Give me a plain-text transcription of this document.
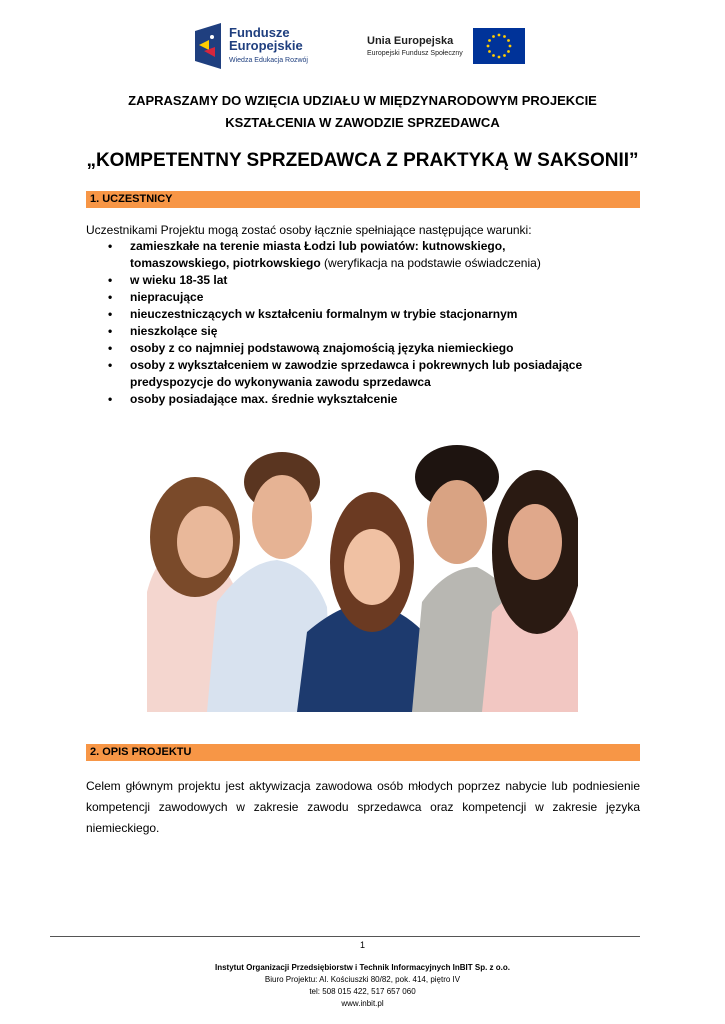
Fundusze
Europejskie
Wiedza Edukacja Rozwój
Unia Europejska
Europejski Fundusz Społeczny
ZAPRASZAMY DO WZIĘCIA UDZIAŁU W MIĘDZYNARODOWYM PROJEKCIE
KSZTAŁCENIA W ZAWODZIE SPRZEDAWCA
„KOMPETENTNY SPRZEDAWCA Z PRAKTYKĄ W SAKSONII”
1. UCZESTNICY
Uczestnikami Projektu mogą zostać osoby łącznie spełniające następujące warunki:
• zamieszkałe na terenie miasta Łodzi lub powiatów: kutnowskiego, tomaszowskiego, piotrkowskiego (weryfikacja na podstawie oświadczenia)
• w wieku 18-35 lat
• niepracujące
• nieuczestniczących w kształceniu formalnym w trybie stacjonarnym
• nieszkolące się
• osoby z co najmniej podstawową znajomością języka niemieckiego
• osoby z wykształceniem w zawodzie sprzedawca i pokrewnych lub posiadające predyspozycje do wykonywania zawodu sprzedawca
• osoby posiadające max. średnie wykształcenie
2. OPIS PROJEKTU
Celem głównym projektu jest aktywizacja zawodowa osób młodych poprzez nabycie lub podniesienie kompetencji zawodowych w zakresie zawodu sprzedawca oraz kompetencji w zakresie języka niemieckiego.
1
Instytut Organizacji Przedsiębiorstw i Technik Informacyjnych InBIT Sp. z o.o.
Biuro Projektu: Al. Kościuszki 80/82, pok. 414, piętro IV
tel: 508 015 422, 517 657 060
www.inbit.pl
